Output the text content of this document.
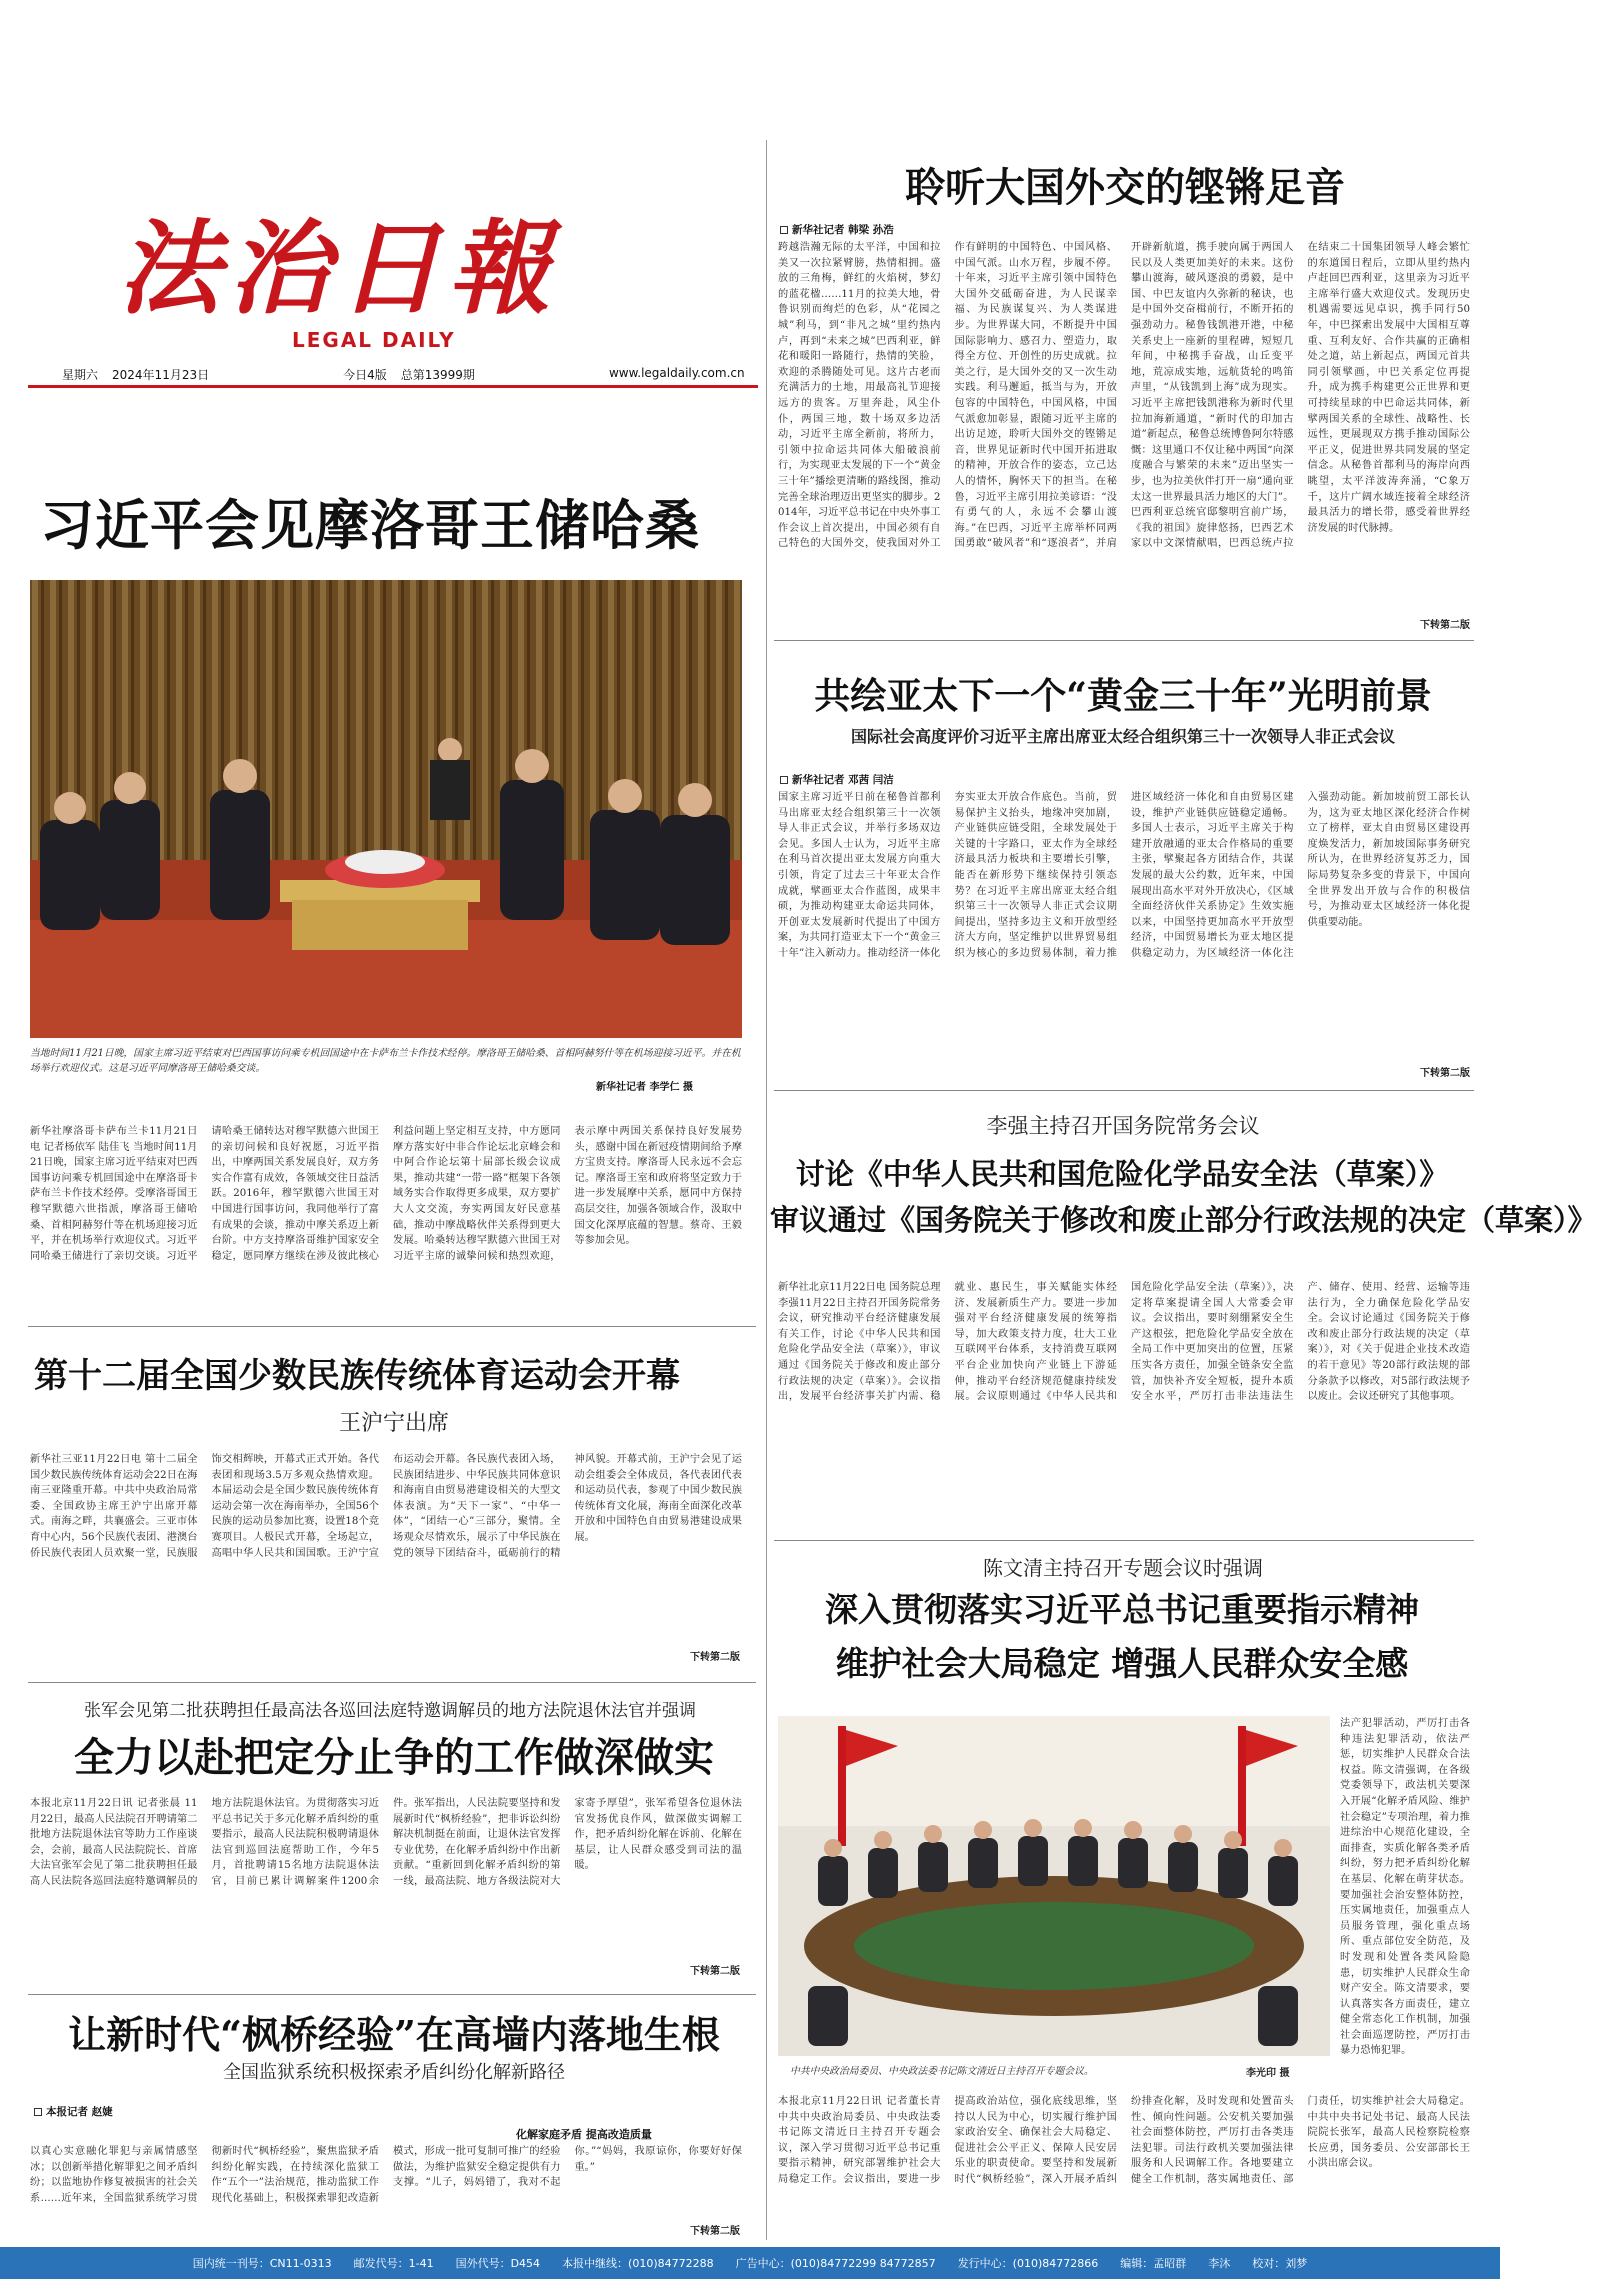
法治日報
LEGAL DAILY
星期六 2024年11月23日	今日4版 总第13999期	www.legaldaily.com.cn
习近平会见摩洛哥王储哈桑
当地时间11月21日晚，国家主席习近平结束对巴西国事访问乘专机回国途中在卡萨布兰卡作技术经停。摩洛哥王储哈桑、首相阿赫努什等在机场迎接习近平。并在机场举行欢迎仪式。这是习近平同摩洛哥王储哈桑交谈。
新华社记者 李学仁 摄
新华社摩洛哥卡萨布兰卡11月21日电 记者杨依军 陆佳飞 当地时间11月21日晚，国家主席习近平结束对巴西国事访问乘专机回国途中在摩洛哥卡萨布兰卡作技术经停。受摩洛哥国王穆罕默德六世指派，摩洛哥王储哈桑、首相阿赫努什等在机场迎接习近平，并在机场举行欢迎仪式。习近平同哈桑王储进行了亲切交谈。习近平请哈桑王储转达对穆罕默德六世国王的亲切问候和良好祝愿，习近平指出，中摩两国关系发展良好，双方务实合作富有成效，各领域交往日益活跃。2016年，穆罕默德六世国王对中国进行国事访问，我同他举行了富有成果的会谈，推动中摩关系迈上新台阶。中方支持摩洛哥维护国家安全稳定，愿同摩方继续在涉及彼此核心利益问题上坚定相互支持，中方愿同摩方落实好中非合作论坛北京峰会和中阿合作论坛第十届部长级会议成果，推动共建“一带一路”框架下各领域务实合作取得更多成果，双方要扩大人文交流，夯实两国友好民意基础，推动中摩战略伙伴关系得到更大发展。哈桑转达穆罕默德六世国王对习近平主席的诚挚问候和热烈欢迎，表示摩中两国关系保持良好发展势头，感谢中国在新冠疫情期间给予摩方宝贵支持。摩洛哥人民永远不会忘记。摩洛哥王室和政府将坚定致力于进一步发展摩中关系，愿同中方保持高层交往，加强各领域合作，汲取中国文化深厚底蕴的智慧。蔡奇、王毅等参加会见。
第十二届全国少数民族传统体育运动会开幕
王沪宁出席
新华社三亚11月22日电 第十二届全国少数民族传统体育运动会22日在海南三亚隆重开幕。中共中央政治局常委、全国政协主席王沪宁出席开幕式。南海之畔，共襄盛会。三亚市体育中心内，56个民族代表团、港澳台侨民族代表团人员欢聚一堂，民族服饰交相辉映，开幕式正式开始。各代表团和现场3.5万多观众热情欢迎。本届运动会是全国少数民族传统体育运动会第一次在海南举办，全国56个民族的运动员参加比赛，设置18个竞赛项目。人极民式开幕，全场起立，高唱中华人民共和国国歌。王沪宁宣布运动会开幕。各民族代表团入场，民族团结进步、中华民族共同体意识和海南自由贸易港建设相关的大型文体表演。为“天下一家”、“中华一体”，“团结一心”三部分，聚情。全场观众尽情欢乐，展示了中华民族在党的领导下团结奋斗，砥砺前行的精神风貌。开幕式前，王沪宁会见了运动会组委会全体成员，各代表团代表和运动员代表，参观了中国少数民族传统体育文化展，海南全面深化改革开放和中国特色自由贸易港建设成果展。
下转第二版
张军会见第二批获聘担任最高法各巡回法庭特邀调解员的地方法院退休法官并强调
全力以赴把定分止争的工作做深做实
本报北京11月22日讯 记者张晨 11月22日，最高人民法院召开聘请第二批地方法院退休法官等助力工作座谈会，会前，最高人民法院院长、首席大法官张军会见了第二批获聘担任最高人民法院各巡回法庭特邀调解员的地方法院退休法官。为贯彻落实习近平总书记关于多元化解矛盾纠纷的重要指示，最高人民法院积极聘请退休法官到巡回法庭帮助工作，今年5月，首批聘请15名地方法院退休法官，目前已累计调解案件1200余件。张军指出，人民法院要坚持和发展新时代“枫桥经验”，把非诉讼纠纷解决机制挺在前面，让退休法官发挥专业优势，在化解矛盾纠纷中作出新贡献。“重新回到化解矛盾纠纷的第一线，最高法院、地方各级法院对大家寄予厚望”，张军希望各位退休法官发扬优良作风，做深做实调解工作，把矛盾纠纷化解在诉前、化解在基层，让人民群众感受到司法的温暖。
下转第二版
让新时代“枫桥经验”在高墙内落地生根
全国监狱系统积极探索矛盾纠纷化解新路径
本报记者 赵婕
化解家庭矛盾 提高改造质量
以真心实意融化罪犯与亲属情感坚冰；以创新举措化解罪犯之间矛盾纠纷；以监地协作修复被损害的社会关系……近年来，全国监狱系统学习贯彻新时代“枫桥经验”，聚焦监狱矛盾纠纷化解实践，在持续深化监狱工作“五个一”法治规范，推动监狱工作现代化基础上，积极探索罪犯改造新模式，形成一批可复制可推广的经验做法，为维护监狱安全稳定提供有力支撑。“儿子，妈妈错了，我对不起你。”“妈妈，我原谅你，你要好好保重。”
下转第二版
聆听大国外交的铿锵足音
新华社记者 韩梁 孙浩
跨越浩瀚无际的太平洋，中国和拉美又一次拉紧臂膀，热情相拥。盛放的三角梅，鲜红的火焰树，梦幻的蓝花楹……11月的拉美大地，骨鲁识别而绚烂的色彩，从“花园之城”利马，到“非凡之城”里约热内卢，再到“未来之城”巴西利亚，鲜花和暖阳一路随行，热情的笑脸，欢迎的杀腾随处可见。这片古老而充满活力的土地，用最高礼节迎接远方的贵客。万里奔赴，风尘仆仆，两国三地，数十场双多边活动，习近平主席全新前，将所力，引领中拉命运共同体大船破浪前行，为实现亚太发展的下一个“黄金三十年”播绘更清晰的路线图，推动完善全球治理迈出更坚实的脚步。2014年，习近平总书记在中央外事工作会议上首次提出，中国必须有自己特色的大国外交，使我国对外工作有鲜明的中国特色、中国风格、中国气派。山水万程，步履不停。十年来，习近平主席引领中国特色大国外交砥砺奋进，为人民谋幸福、为民族谋复兴、为人类谋进步。为世界谋大同，不断提升中国国际影响力、感召力、塑造力，取得全方位、开创性的历史成就。拉美之行，是大国外交的又一次生动实践。利马邂逅，抵当与为，开放包容的中国特色，中国风格，中国气派愈加彰显，跟随习近平主席的出访足迹，聆听大国外交的铿锵足音，世界见证新时代中国开拓进取的精神，开放合作的姿态，立己达人的情怀，胸怀天下的担当。在秘鲁，习近平主席引用拉美谚语：“没有勇气的人，永远不会攀山渡海。”在巴西，习近平主席举杯同两国勇敢“破风者”和“逐浪者”，并肩开辟新航道，携手驶向属于两国人民以及人类更加美好的未来。这份攀山渡海，破风逐浪的勇毅，是中国、中巴友谊内久弥新的秘诀，也是中国外交奋楫前行，不断开拓的强劲动力。秘鲁钱凯港开港，中秘关系史上一座新的里程碑，短短几年间，中秘携手奋战，山丘变平地，荒凉成实地，远航货轮的鸣笛声里，“从钱凯到上海”成为现实。习近平主席把钱凯港称为新时代里拉加海新通道，“新时代的印加古道”新起点，秘鲁总统博鲁阿尔特感慨：这里通口不仅让秘中两国“向深度融合与繁荣的未来”迈出坚实一步，也为拉美伙伴打开一扇“通向亚太这一世界最具活力地区的大门”。巴西利亚总统官邸黎明宫前广场，《我的祖国》旋律悠扬，巴西艺术家以中文深情献唱，巴西总统卢拉在结束二十国集团领导人峰会繁忙的东道国日程后，立即从里约热内卢赶回巴西利亚，这里亲为习近平主席举行盛大欢迎仪式。发现历史机遇需要远见卓识，携手同行50年，中巴探索出发展中大国相互尊重、互利友好、合作共赢的正确相处之道，站上新起点，两国元首共同引领擘画，中巴关系定位再提升，成为携手构建更公正世界和更可持续星球的中巴命运共同体，新擘两国关系的全球性、战略性、长远性，更展现双方携手推动国际公平正义，促进世界共同发展的坚定信念。从秘鲁首都利马的海岸向西眺望，太平洋波涛奔涌，“C象万千，这片广阔水域连接着全球经济最具活力的增长带，感受着世界经济发展的时代脉搏。
下转第二版
共绘亚太下一个“黄金三十年”光明前景
国际社会高度评价习近平主席出席亚太经合组织第三十一次领导人非正式会议
新华社记者 邓茜 闫洁
国家主席习近平日前在秘鲁首都利马出席亚太经合组织第三十一次领导人非正式会议，并举行多场双边会见。多国人士认为，习近平主席在利马首次提出亚太发展方向重大引领，肯定了过去三十年亚太合作成就，擘画亚太合作蓝图，成果丰硕，为推动构建亚太命运共同体，开创亚太发展新时代提出了中国方案，为共同打造亚太下一个“黄金三十年”注入新动力。推动经济一体化 夯实亚太开放合作底色。当前，贸易保护主义抬头，地缘冲突加剧，产业链供应链受阻，全球发展处于关键的十字路口，亚太作为全球经济最具活力板块和主要增长引擎，能否在新形势下继续保持引领态势？在习近平主席出席亚太经合组织第三十一次领导人非正式会议期间提出，坚持多边主义和开放型经济大方向，坚定维护以世界贸易组织为核心的多边贸易体制，着力推进区域经济一体化和自由贸易区建设，维护产业链供应链稳定通畅。多国人士表示，习近平主席关于构建开放融通的亚太合作格局的重要主张，擘聚起各方团结合作，共谋发展的最大公约数，近年来，中国展现出高水平对外开放决心，《区域全面经济伙伴关系协定》生效实施以来，中国坚持更加高水平开放型经济，中国贸易增长为亚太地区提供稳定动力，为区域经济一体化注入强劲动能。新加坡前贸工部长认为，这为亚太地区深化经济合作树立了榜样，亚太自由贸易区建设再度焕发活力，新加坡国际事务研究所认为，在世界经济复苏乏力，国际局势复杂多变的背景下，中国向全世界发出开放与合作的积极信号，为推动亚太区域经济一体化提供重要动能。
下转第二版
李强主持召开国务院常务会议
讨论《中华人民共和国危险化学品安全法（草案）》
审议通过《国务院关于修改和废止部分行政法规的决定（草案）》
新华社北京11月22日电 国务院总理李强11月22日主持召开国务院常务会议，研究推动平台经济健康发展有关工作，讨论《中华人民共和国危险化学品安全法（草案）》，审议通过《国务院关于修改和废止部分行政法规的决定（草案）》。会议指出，发展平台经济事关扩内需、稳就业、惠民生，事关赋能实体经济、发展新质生产力。要进一步加强对平台经济健康发展的统筹指导，加大政策支持力度，壮大工业互联网平台体系，支持消费互联网平台企业加快向产业链上下游延伸，推动平台经济规范健康持续发展。会议原则通过《中华人民共和国危险化学品安全法（草案）》，决定将草案提请全国人大常委会审议。会议指出，要时刻绷紧安全生产这根弦，把危险化学品安全放在全局工作中更加突出的位置，压紧压实各方责任，加强全链条安全监管，加快补齐安全短板，提升本质安全水平，严厉打击非法违法生产、储存、使用、经营、运输等违法行为，全力确保危险化学品安全。会议讨论通过《国务院关于修改和废止部分行政法规的决定（草案）》，对《关于促进企业技术改造的若干意见》等20部行政法规的部分条款予以修改，对5部行政法规予以废止。会议还研究了其他事项。
陈文清主持召开专题会议时强调
深入贯彻落实习近平总书记重要指示精神
维护社会大局稳定 增强人民群众安全感
中共中央政治局委员、中央政法委书记陈文清近日主持召开专题会议。	李光印 摄
法产犯罪活动，严厉打击各种违法犯罪活动，依法严惩，切实维护人民群众合法权益。陈文清强调，在各级党委领导下，政法机关要深入开展“化解矛盾风险、维护社会稳定”专项治理，着力推进综治中心规范化建设，全面排查，实质化解各类矛盾纠纷，努力把矛盾纠纷化解在基层、化解在萌芽状态。要加强社会治安整体防控，压实属地责任，加强重点人员服务管理，强化重点场所、重点部位安全防范，及时发现和处置各类风险隐患，切实维护人民群众生命财产安全。陈文清要求，要认真落实各方面责任，建立健全常态化工作机制，加强社会面巡逻防控，严厉打击暴力恐怖犯罪。
本报北京11月22日讯 记者董长青 中共中央政治局委员、中央政法委书记陈文清近日主持召开专题会议，深入学习贯彻习近平总书记重要指示精神，研究部署维护社会大局稳定工作。会议指出，要进一步提高政治站位，强化底线思维，坚持以人民为中心，切实履行维护国家政治安全、确保社会大局稳定、促进社会公平正义、保障人民安居乐业的职责使命。要坚持和发展新时代“枫桥经验”，深入开展矛盾纠纷排查化解，及时发现和处置苗头性、倾向性问题。公安机关要加强社会面整体防控，严厉打击各类违法犯罪。司法行政机关要加强法律服务和人民调解工作。各地要建立健全工作机制，落实属地责任、部门责任，切实维护社会大局稳定。中共中央书记处书记、最高人民法院院长张军，最高人民检察院检察长应勇，国务委员、公安部部长王小洪出席会议。
国内统一刊号：CN11-0313 邮发代号：1-41 国外代号：D454 本报中继线：(010)84772288 广告中心：(010)84772299 84772857 发行中心：(010)84772866 编辑：孟昭群 李沐 校对：刘梦
